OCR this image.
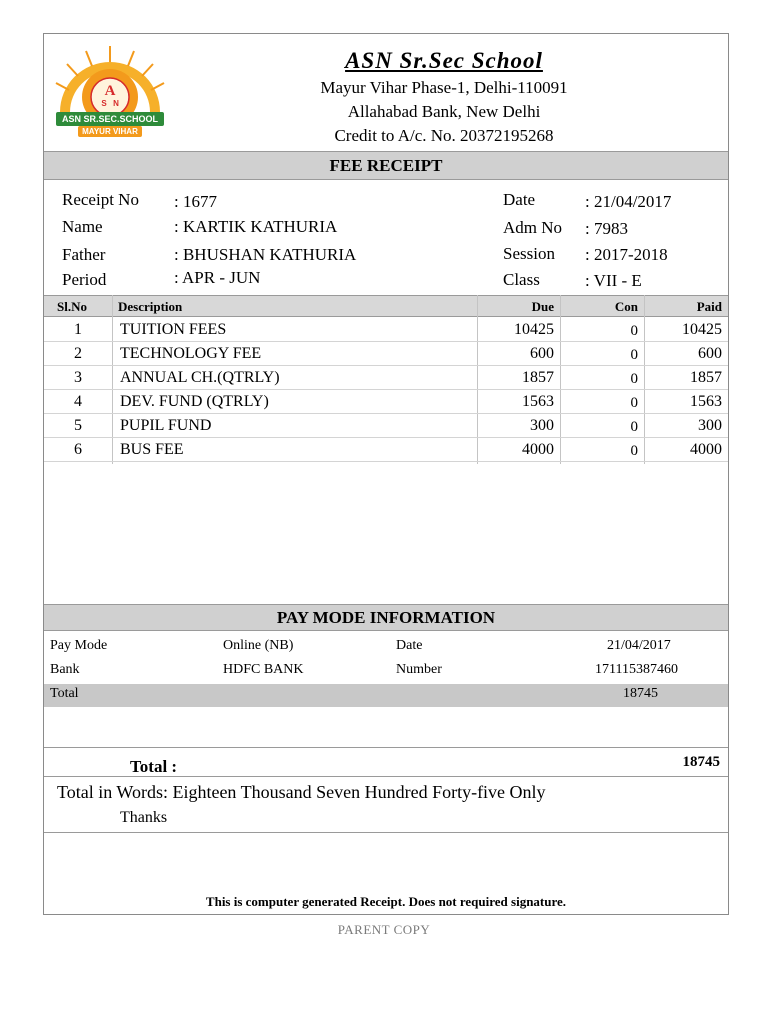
A
S N
ASN SR.SEC.SCHOOL
MAYUR VIHAR
ASN Sr.Sec School
Mayur Vihar Phase-1, Delhi-110091
Allahabad Bank, New Delhi
Credit to A/c. No. 20372195268
FEE RECEIPT
Receipt No : 1677
Name	: KARTIK KATHURIA
Father	: BHUSHAN KATHURIA
Period	: APR - JUN
Date	: 21/04/2017
Adm No : 7983
Session : 2017-2018
Class	: VII - E
Sl.No	Description	Due	Con	Paid
1	TUITION FEES	10425	0	10425
2	TECHNOLOGY FEE	600	0	600
3	ANNUAL CH.(QTRLY)	1857	0	1857
4	DEV. FUND (QTRLY)	1563	0	1563
5	PUPIL FUND	300	0	300
6	BUS FEE	4000	0	4000
PAY MODE INFORMATION
Pay Mode	Online (NB)	Date	21/04/2017
Bank	HDFC BANK	Number	171115387460
Total	18745
Total :	18745
Total in Words: Eighteen Thousand Seven Hundred Forty-five Only
Thanks
This is computer generated Receipt. Does not required signature.
PARENT COPY
